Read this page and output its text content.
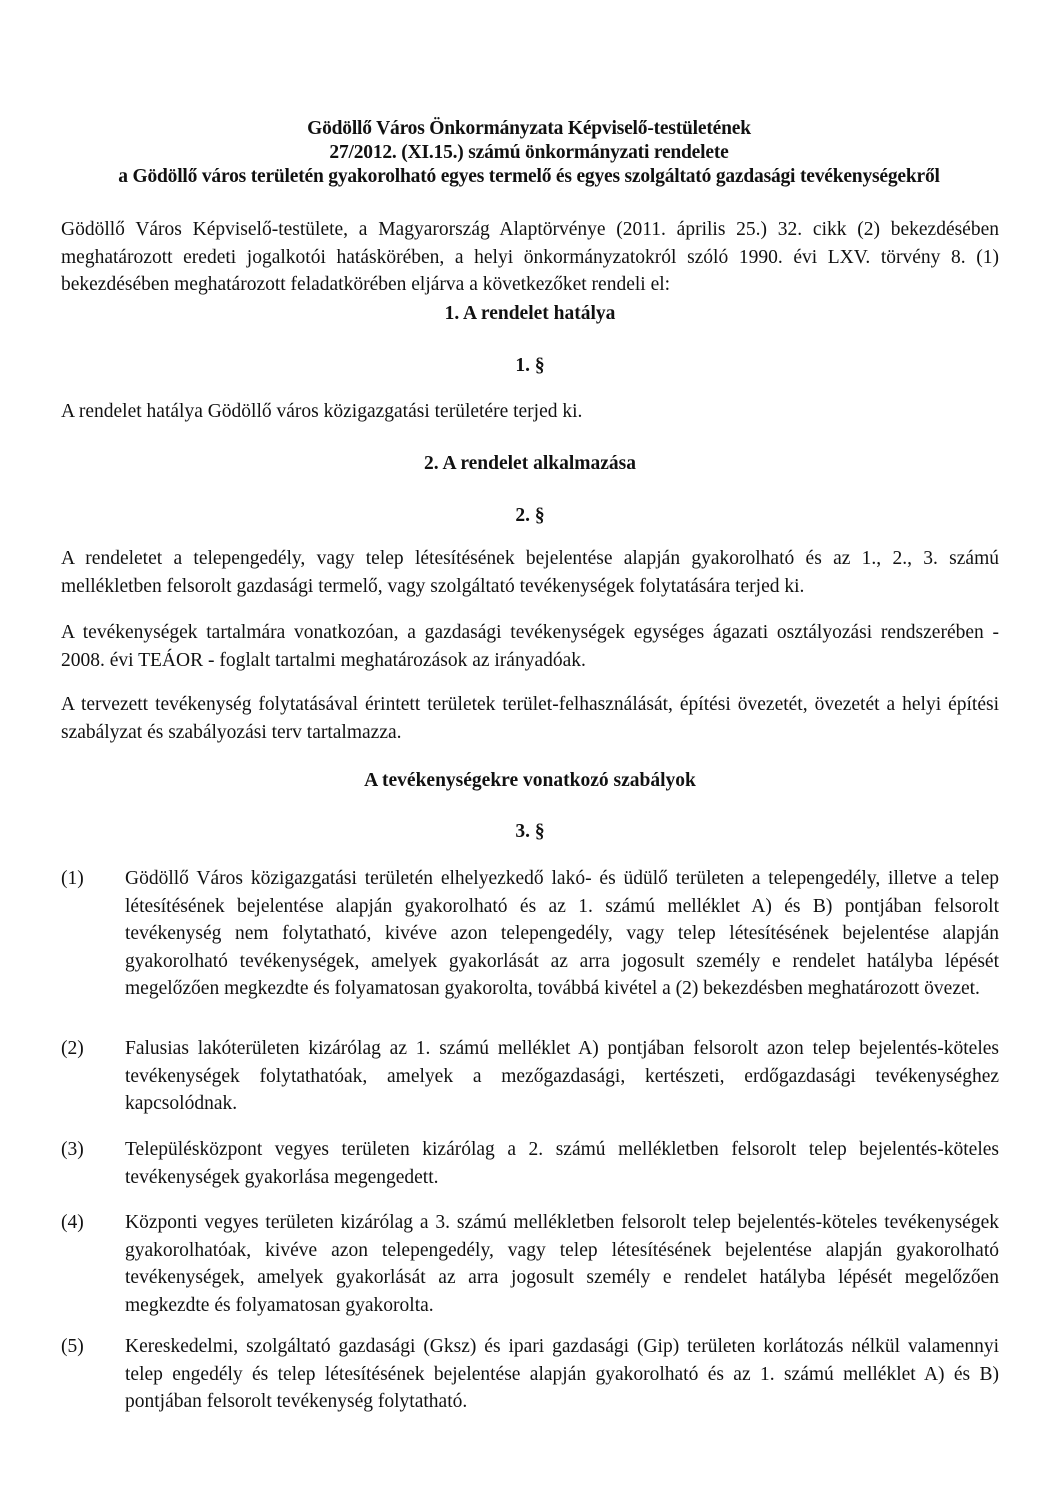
Gödöllő Város Önkormányzata Képviselő-testületének
27/2012. (XI.15.) számú önkormányzati rendelete
a Gödöllő város területén gyakorolható egyes termelő és egyes szolgáltató gazdasági tevékenységekről
Gödöllő Város Képviselő-testülete, a Magyarország Alaptörvénye (2011. április 25.) 32. cikk (2) bekezdésében meghatározott eredeti jogalkotói hatáskörében, a helyi önkormányzatokról szóló 1990. évi LXV. törvény 8. (1) bekezdésében meghatározott feladatkörében eljárva a következőket rendeli el:
1. A rendelet hatálya
1. §
A rendelet hatálya Gödöllő város közigazgatási területére terjed ki.
2. A rendelet alkalmazása
2. §
A rendeletet a telepengedély, vagy telep létesítésének bejelentése alapján gyakorolható és az 1., 2., 3. számú mellékletben felsorolt gazdasági termelő, vagy szolgáltató tevékenységek folytatására terjed ki.
A tevékenységek tartalmára vonatkozóan, a gazdasági tevékenységek egységes ágazati osztályozási rendszerében - 2008. évi TEÁOR - foglalt tartalmi meghatározások az irányadóak.
A tervezett tevékenység folytatásával érintett területek terület-felhasználását, építési övezetét, övezetét a helyi építési szabályzat és szabályozási terv tartalmazza.
A tevékenységekre vonatkozó szabályok
3. §
(1) Gödöllő Város közigazgatási területén elhelyezkedő lakó- és üdülő területen a telepengedély, illetve a telep létesítésének bejelentése alapján gyakorolható és az 1. számú melléklet A) és B) pontjában felsorolt tevékenység nem folytatható, kivéve azon telepengedély, vagy telep létesítésének bejelentése alapján gyakorolható tevékenységek, amelyek gyakorlását az arra jogosult személy e rendelet hatályba lépését megelőzően megkezdte és folyamatosan gyakorolta, továbbá kivétel a (2) bekezdésben meghatározott övezet.
(2) Falusias lakóterületen kizárólag az 1. számú melléklet A) pontjában felsorolt azon telep bejelentés-köteles tevékenységek folytathatóak, amelyek a mezőgazdasági, kertészeti, erdőgazdasági tevékenységhez kapcsolódnak.
(3) Településközpont vegyes területen kizárólag a 2. számú mellékletben felsorolt telep bejelentés-köteles tevékenységek gyakorlása megengedett.
(4) Központi vegyes területen kizárólag a 3. számú mellékletben felsorolt telep bejelentés-köteles tevékenységek gyakorolhatóak, kivéve azon telepengedély, vagy telep létesítésének bejelentése alapján gyakorolható tevékenységek, amelyek gyakorlását az arra jogosult személy e rendelet hatályba lépését megelőzően megkezdte és folyamatosan gyakorolta.
(5) Kereskedelmi, szolgáltató gazdasági (Gksz) és ipari gazdasági (Gip) területen korlátozás nélkül valamennyi telep engedély és telep létesítésének bejelentése alapján gyakorolható és az 1. számú melléklet A) és B) pontjában felsorolt tevékenység folytatható.
